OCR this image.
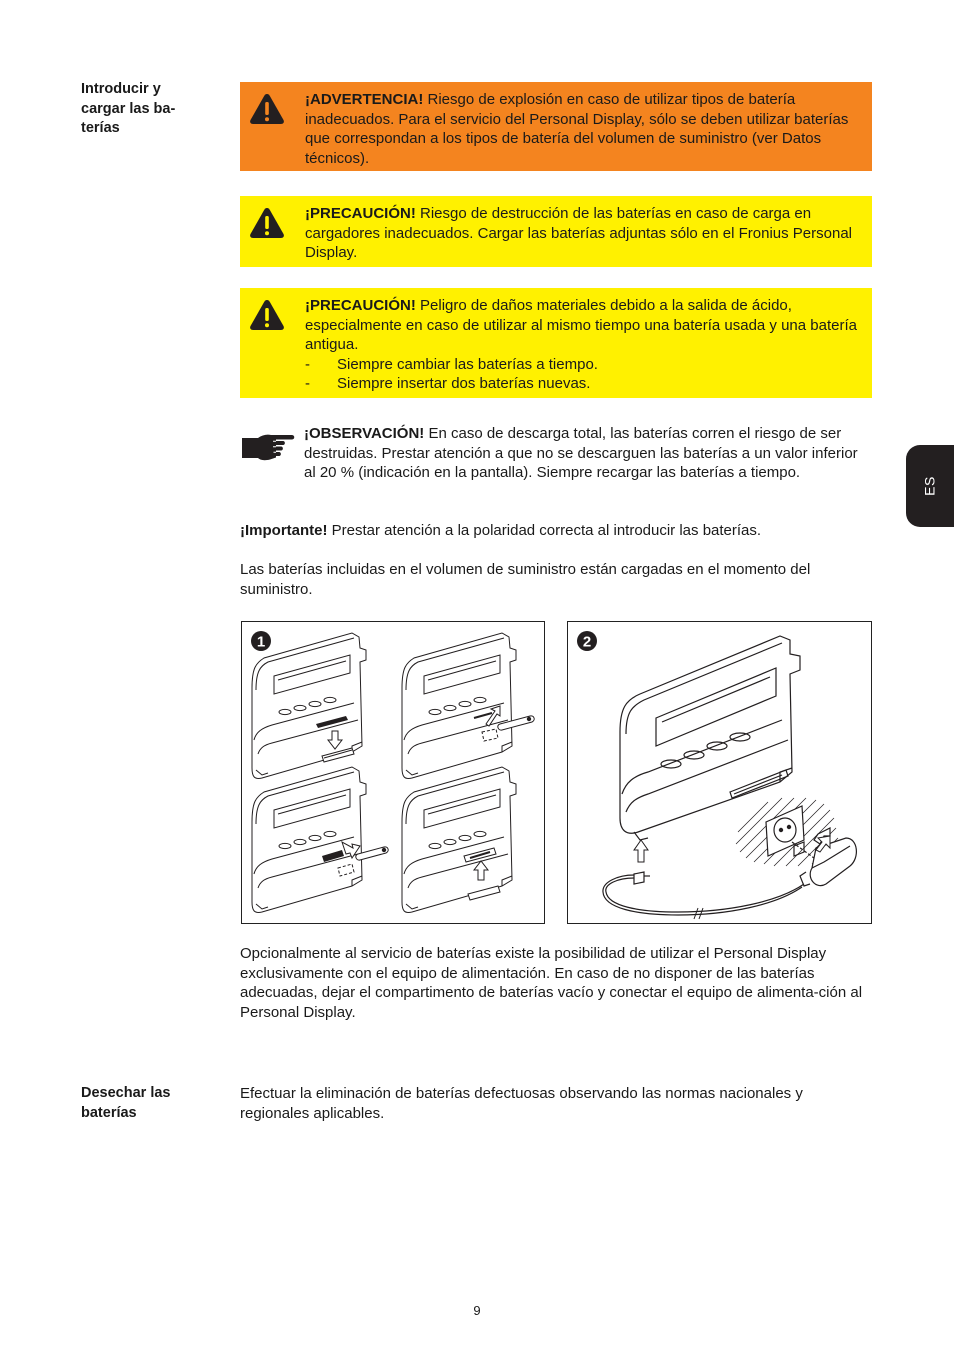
Introducir y
cargar las ba-
terías
¡ADVERTENCIA! Riesgo de explosión en caso de utilizar tipos de batería inadecuados. Para el servicio del Personal Display, sólo se deben utilizar baterías que correspondan a los tipos de batería del volumen de suministro (ver Datos técnicos).
¡PRECAUCIÓN! Riesgo de destrucción de las baterías en caso de carga en cargadores inadecuados. Cargar las baterías adjuntas sólo en el Fronius Personal Display.
¡PRECAUCIÓN! Peligro de daños materiales debido a la salida de ácido, especialmente en caso de utilizar al mismo tiempo una batería usada y una batería antigua.
- Siempre cambiar las baterías a tiempo.
- Siempre insertar dos baterías nuevas.
¡OBSERVACIÓN! En caso de descarga total, las baterías corren el riesgo de ser destruidas. Prestar atención a que no se descarguen las baterías a un valor inferior al 20 % (indicación en la pantalla). Siempre recargar las baterías a tiempo.
¡Importante! Prestar atención a la polaridad correcta al introducir las baterías.
Las baterías incluidas en el volumen de suministro están cargadas en el momento del suministro.
1	2
Opcionalmente al servicio de baterías existe la posibilidad de utilizar el Personal Display exclusivamente con el equipo de alimentación. En caso de no disponer de las baterías adecuadas, dejar el compartimento de baterías vacío y conectar el equipo de alimenta-ción al Personal Display.
Desechar las
baterías
Efectuar la eliminación de baterías defectuosas observando las normas nacionales y regionales aplicables.
ES
9
